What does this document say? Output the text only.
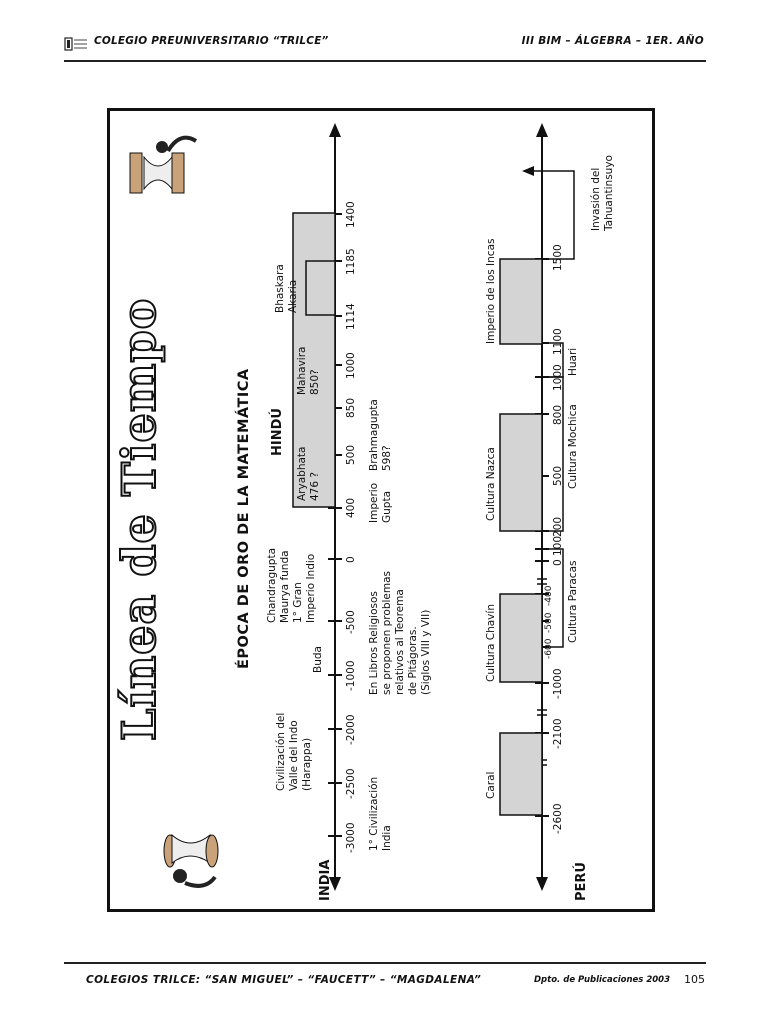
COLEGIO PREUNIVERSITARIO “TRILCE”	III BIM – ÁLGEBRA – 1ER. AÑO
Línea de Tiempo	ÉPOCA DE ORO DE LA MATEMÁTICA HINDÚ
INDIA	PERÚ
-3000
-2500
-2000
-1000
-500
0
400
500
850
1000
1114
1185
1400
1° Civilización
India
Civilización del
Valle del Indo
(Harappa)
Buda
Chandragupta
Maurya funda
1° Gran
Imperio Indio
En Libros Religiosos
se proponen problemas
relativos al Teorema
de Pitágoras.
(Siglos VIII y VII)
Aryabhata
476 ?
Imperio
Gupta
Brahmagupta
598?
Mahavira
850?
Bhaskara
Akaria
-2600
-2100
-1000
-600
-500
-400
0
100
200
500
800
1000
1100
1500
Caral
Cultura Chavín
Cultura Paracas
Cultura Nazca	Cultura Mochica
Huari
Imperio de los Incas
Invasión del
Tahuantinsuyo
COLEGIOS TRILCE: “SAN MIGUEL” – “FAUCETT” – “MAGDALENA”	Dpto. de Publicaciones 2003 105
